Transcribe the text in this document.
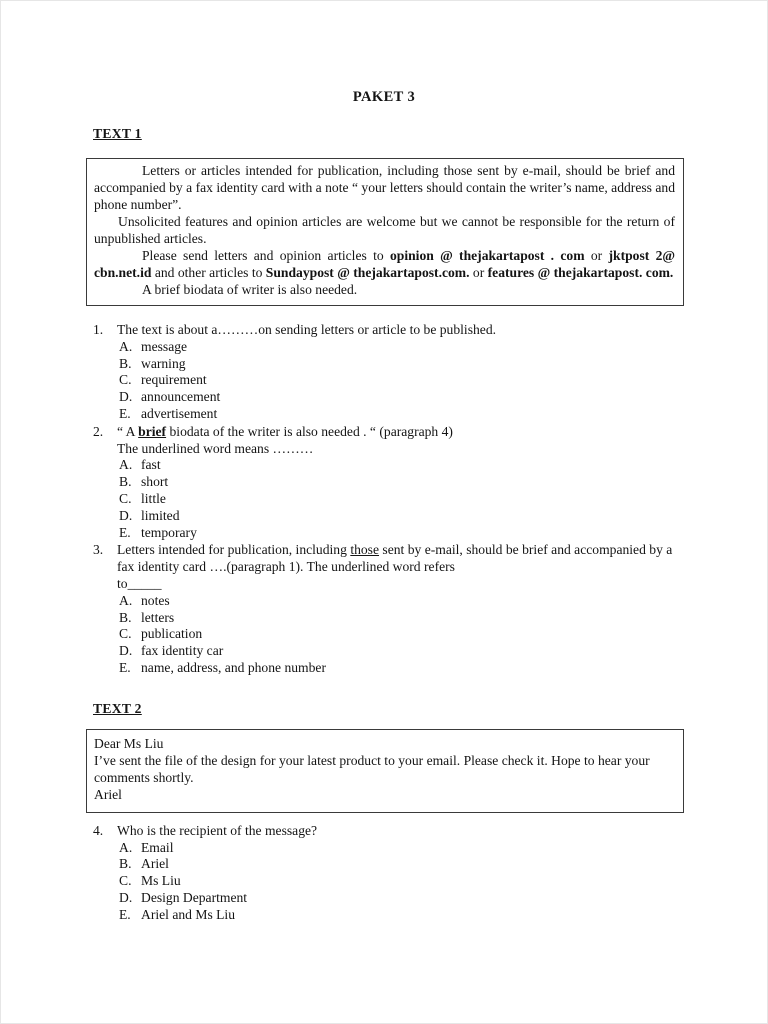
PAKET 3
TEXT 1

Letters or articles intended for publication, including those sent by e-mail, should be brief and accompanied by a fax identity card with a note “ your letters should contain the writer’s name, address and phone number”.

Unsolicited features and opinion articles are welcome but we cannot be responsible for the return of unpublished articles.

Please send letters and opinion articles to opinion @ thejakartapost . com or jktpost 2@ cbn.net.id and other articles to Sundaypost @ thejakartapost.com. or features @ thejakartapost. com.

A brief biodata of writer is also needed.

1.	The text is about a………on sending letters or article to be published.
A. message
B. warning
C. requirement
D. announcement
E. advertisement
2.	“ A brief biodata of the writer is also needed . “ (paragraph 4)
The underlined word means ………
A. fast
B. short
C. little
D. limited
E. temporary
3.	Letters intended for publication, including those sent by e-mail, should be brief and accompanied by a fax identity card ….(paragraph 1). The underlined word refers
to_____
A. notes
B. letters
C. publication
D. fax identity car
E. name, address, and phone number
TEXT 2
Dear Ms Liu
I’ve sent the file of the design for your latest product to your email. Please check it. Hope to hear your comments shortly.
Ariel
4.	Who is the recipient of the message?
A. Email
B. Ariel
C. Ms Liu
D. Design Department
E. Ariel and Ms Liu
